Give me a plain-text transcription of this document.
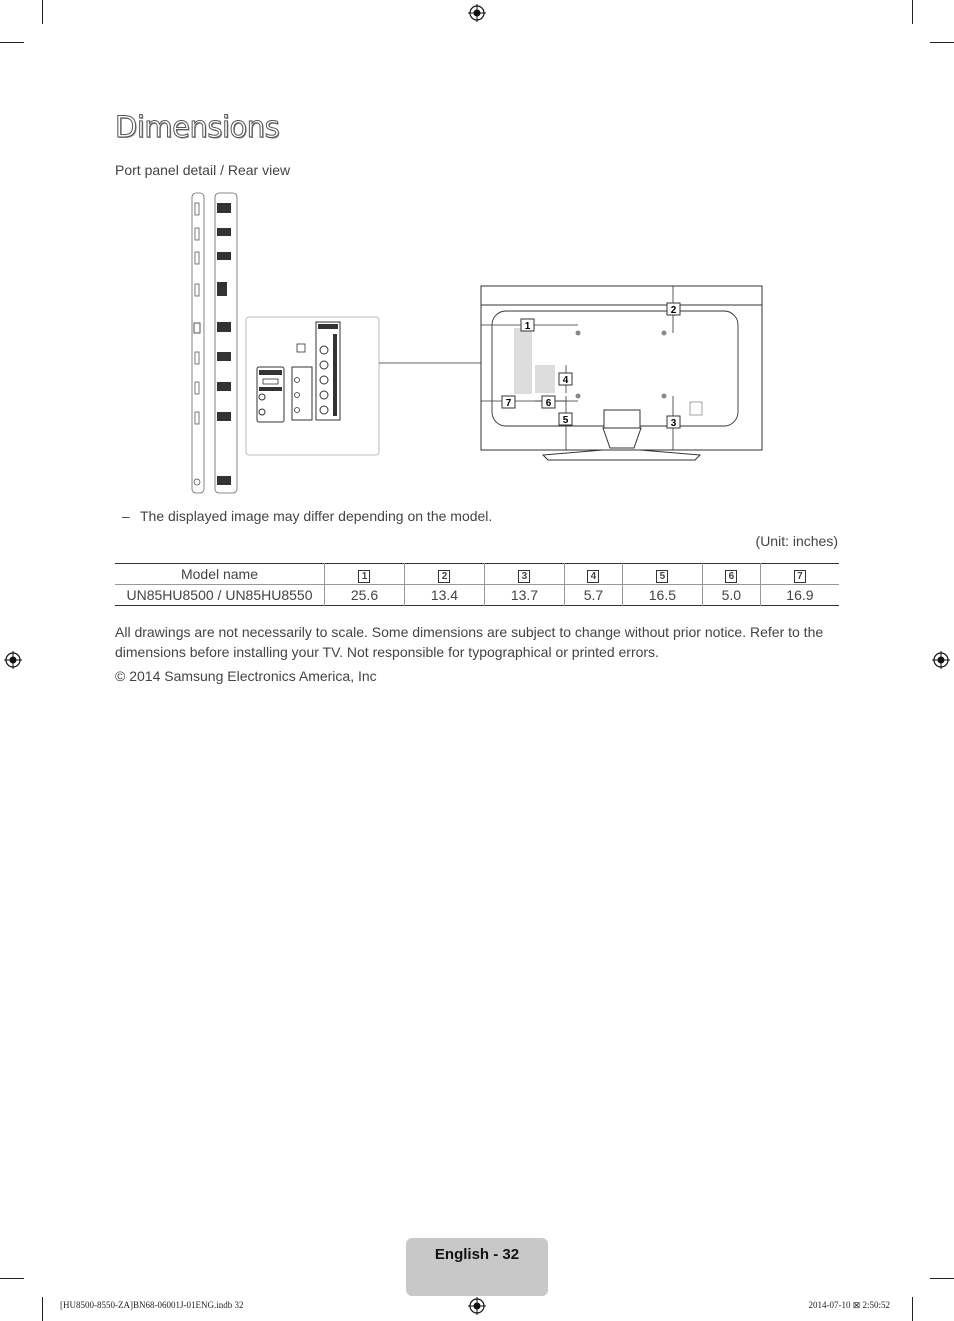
Dimensions
Port panel detail / Rear view
1
2
3
4
5
6
7
– The displayed image may differ depending on the model.
(Unit: inches)
Model name	1	2	3	4	5	6	7
UN85HU8500 / UN85HU8550	25.6	13.4	13.7	5.7	16.5	5.0	16.9

All drawings are not necessarily to scale. Some dimensions are subject to change without prior notice. Refer to the dimensions before installing your TV. Not responsible for typographical or printed errors.

© 2014 Samsung Electronics America, Inc
English - 32
[HU8500-8550-ZA]BN68-06001J-01ENG.indb 32	2014-07-10 ⊠ 2:50:52
